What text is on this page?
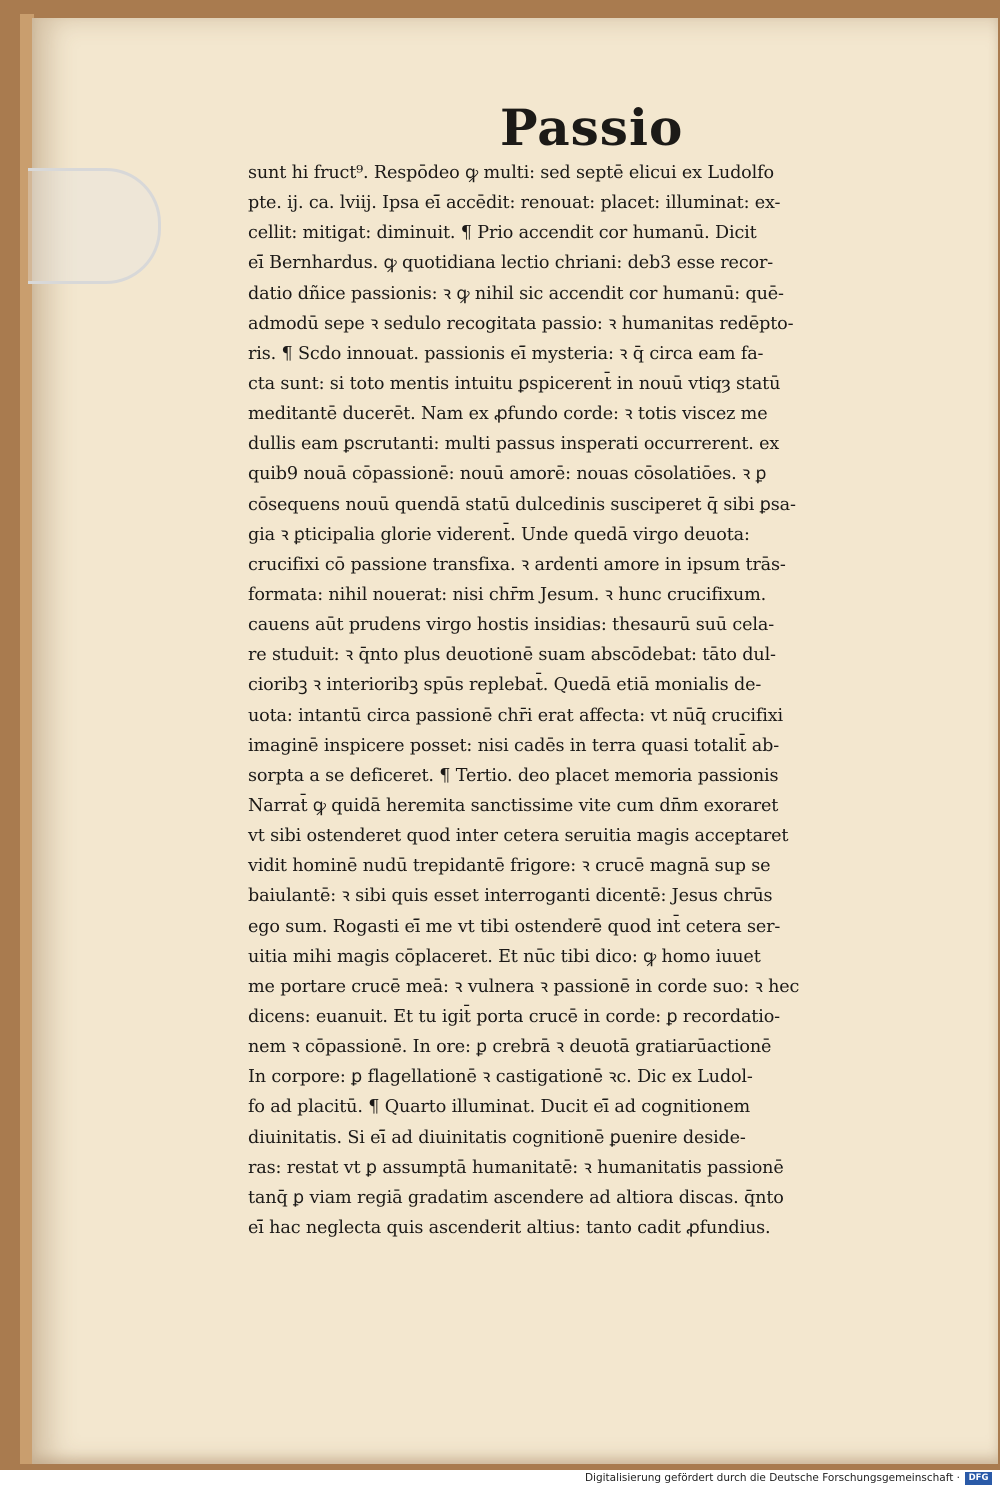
Passio
sunt hi fruct⁹. Respōdeo ꝙ multi: sed septē elicui ex Ludolfo
pte. ij. ca. lviij. Ipsa eī̄ accēdit: renouat: placet: illuminat: ex-
cellit: mitigat: diminuit. ¶ Prio accendit cor humanū. Dicit
eī̄ Bernhardus. ꝙ quotidiana lectio chriani: deb3 esse recor-
datio dñice passionis: ꝛ ꝙ nihil sic accendit cor humanū: quē-
admodū sepe ꝛ sedulo recogitata passio: ꝛ humanitas redēpto-
ris. ¶ Scdo innouat. passionis eī̄ mysteria: ꝛ q̄ circa eam fa-
cta sunt: si toto mentis intuitu ꝑspicerent̄ in nouū vtiqȝ statū
meditantē ducerēt. Nam ex ꝓfundo corde: ꝛ totis viscez me
dullis eam ꝑscrutanti: multi passus insperati occurrerent. ex
quib9 nouā cōpassionē: nouū amorē: nouas cōsolatiōes. ꝛ ꝑ
cōsequens nouū quendā statū dulcedinis susciperet q̄ sibi ꝑsa-
gia ꝛ ꝑticipalia glorie viderent̄. Unde quedā virgo deuota:
crucifixi cō passione transfixa. ꝛ ardenti amore in ipsum trās-
formata: nihil nouerat: nisi chr̄m Jesum. ꝛ hunc crucifixum.
cauens aūt prudens virgo hostis insidias: thesaurū suū cela-
re studuit: ꝛ q̄nto plus deuotionē suam abscōdebat: tāto dul-
cioribꝫ ꝛ interioribꝫ spūs replebat̄. Quedā etiā monialis de-
uota: intantū circa passionē chr̄i erat affecta: vt nūq̄ crucifixi
imaginē inspicere posset: nisi cadēs in terra quasi totalit̄ ab-
sorpta a se deficeret. ¶ Tertio. deo placet memoria passionis
Narrat̄ ꝙ quidā heremita sanctissime vite cum dn̄m exoraret
vt sibi ostenderet quod inter cetera seruitia magis acceptaret
vidit hominē nudū trepidantē frigore: ꝛ crucē magnā sup se
baiulantē: ꝛ sibi quis esset interroganti dicentē: Jesus chrūs
ego sum. Rogasti eī̄ me vt tibi ostenderē quod int̄ cetera ser-
uitia mihi magis cōplaceret. Et nūc tibi dico: ꝙ homo iuuet
me portare crucē meā: ꝛ vulnera ꝛ passionē in corde suo: ꝛ hec
dicens: euanuit. Et tu igit̄ porta crucē in corde: ꝑ recordatio-
nem ꝛ cōpassionē. In ore: ꝑ crebrā ꝛ deuotā gratiarūactionē
In corpore: ꝑ flagellationē ꝛ castigationē ꝛc. Dic ex Ludol-
fo ad placitū. ¶ Quarto illuminat. Ducit eī̄ ad cognitionem
diuinitatis. Si eī̄ ad diuinitatis cognitionē ꝑuenire deside-
ras: restat vt ꝑ assumptā humanitatē: ꝛ humanitatis passionē
tanq̄ ꝑ viam regiā gradatim ascendere ad altiora discas. q̄nto
eī̄ hac neglecta quis ascenderit altius: tanto cadit ꝓfundius.
Digitalisierung gefördert durch die Deutsche Forschungsgemeinschaft ·	DFG
